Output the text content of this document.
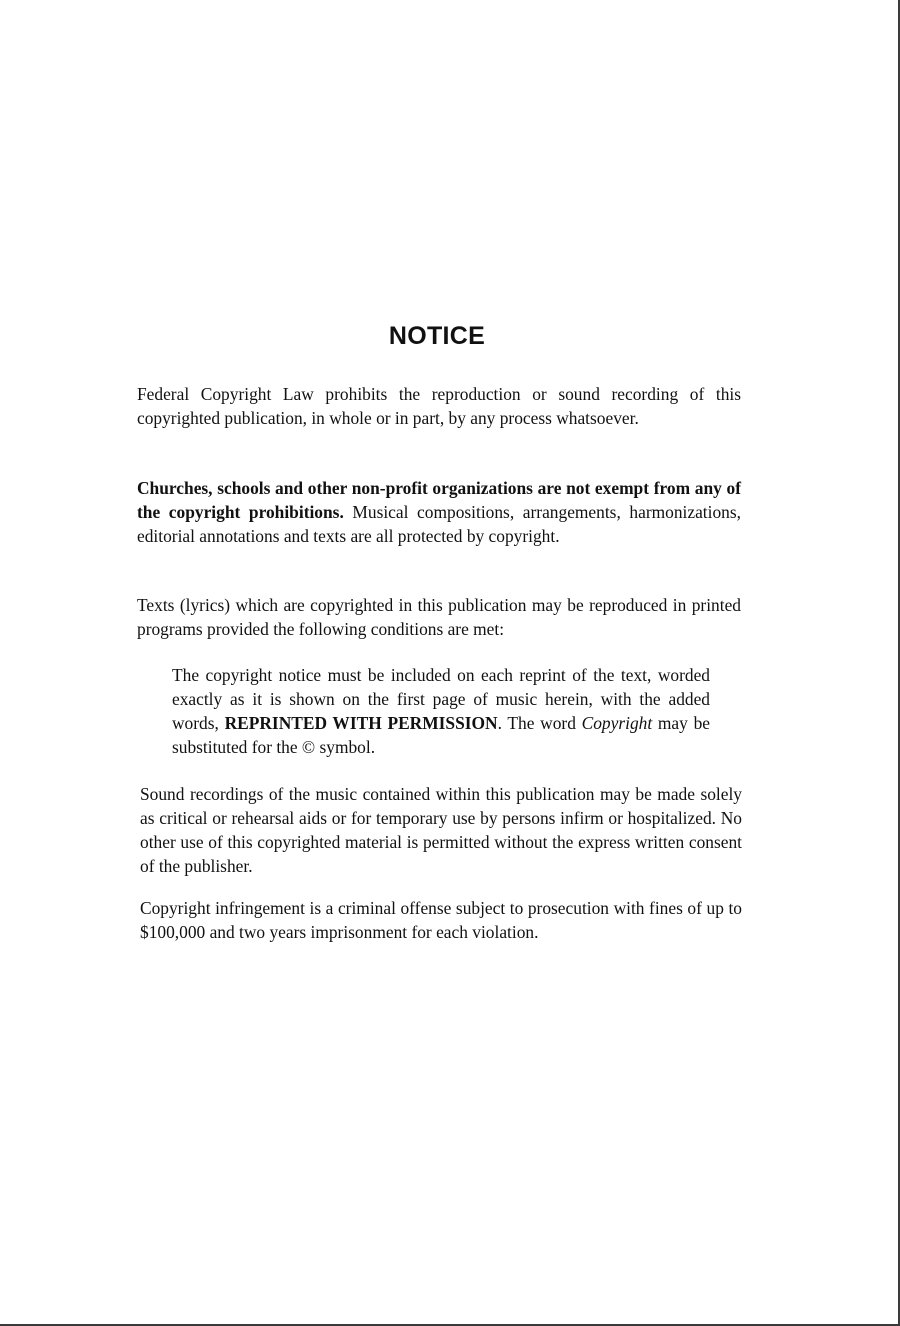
NOTICE

Federal Copyright Law prohibits the reproduction or sound recording of this copyrighted publication, in whole or in part, by any process whatsoever.

Churches, schools and other non-profit organizations are not exempt from any of the copyright prohibitions. Musical compositions, arrangements, harmonizations, editorial annotations and texts are all protected by copyright.

Texts (lyrics) which are copyrighted in this publication may be reproduced in printed programs provided the following conditions are met:

The copyright notice must be included on each reprint of the text, worded exactly as it is shown on the first page of music herein, with the added words, REPRINTED WITH PERMISSION. The word Copyright may be substituted for the © symbol.

Sound recordings of the music contained within this publication may be made solely as critical or rehearsal aids or for temporary use by persons infirm or hospitalized. No other use of this copyrighted material is permitted without the express written consent of the publisher.

Copyright infringement is a criminal offense subject to prosecution with fines of up to $100,000 and two years imprisonment for each violation.
